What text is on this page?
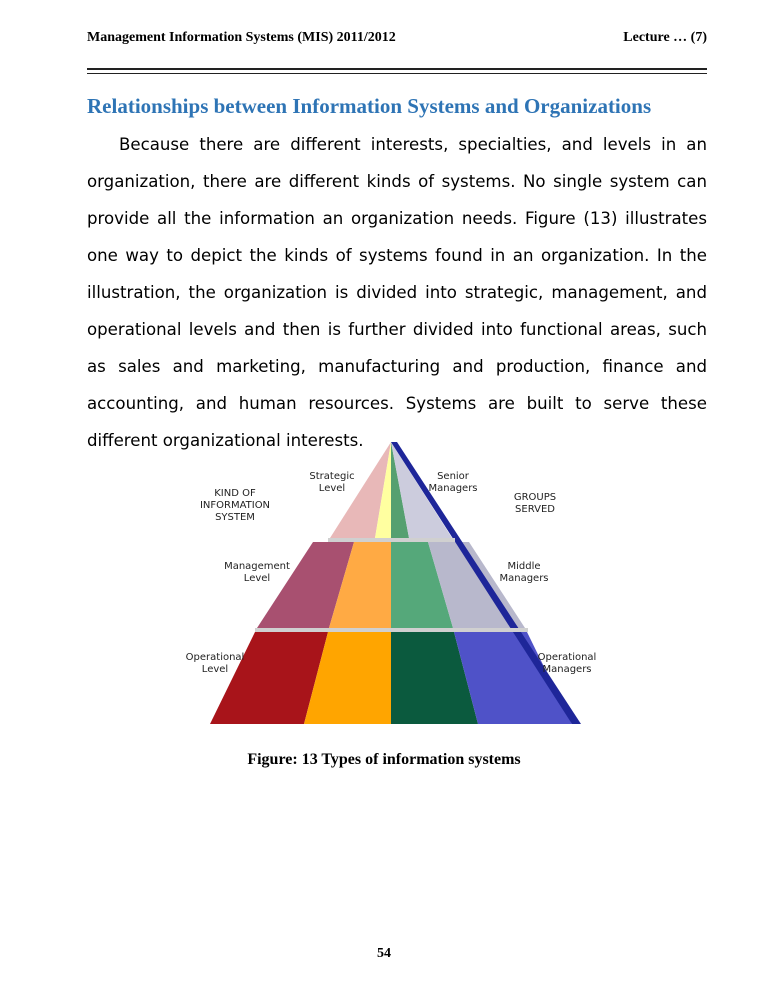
Management Information Systems (MIS) 2011/2012	Lecture … (7)
Relationships between Information Systems and Organizations
Because there are different interests, specialties, and levels in an organization, there are different kinds of systems. No single system can provide all the information an organization needs. Figure (13) illustrates one way to depict the kinds of systems found in an organization. In the illustration, the organization is divided into strategic, management, and operational levels and then is further divided into functional areas, such as sales and marketing, manufacturing and production, finance and accounting, and human resources. Systems are built to serve these different organizational interests.
KIND OF
INFORMATION
SYSTEM
GROUPS
SERVED
Strategic
Level
Senior
Managers
Management
Level
Middle
Managers
Operational
Level
Operational
Managers
Figure: 13 Types of information systems
54
